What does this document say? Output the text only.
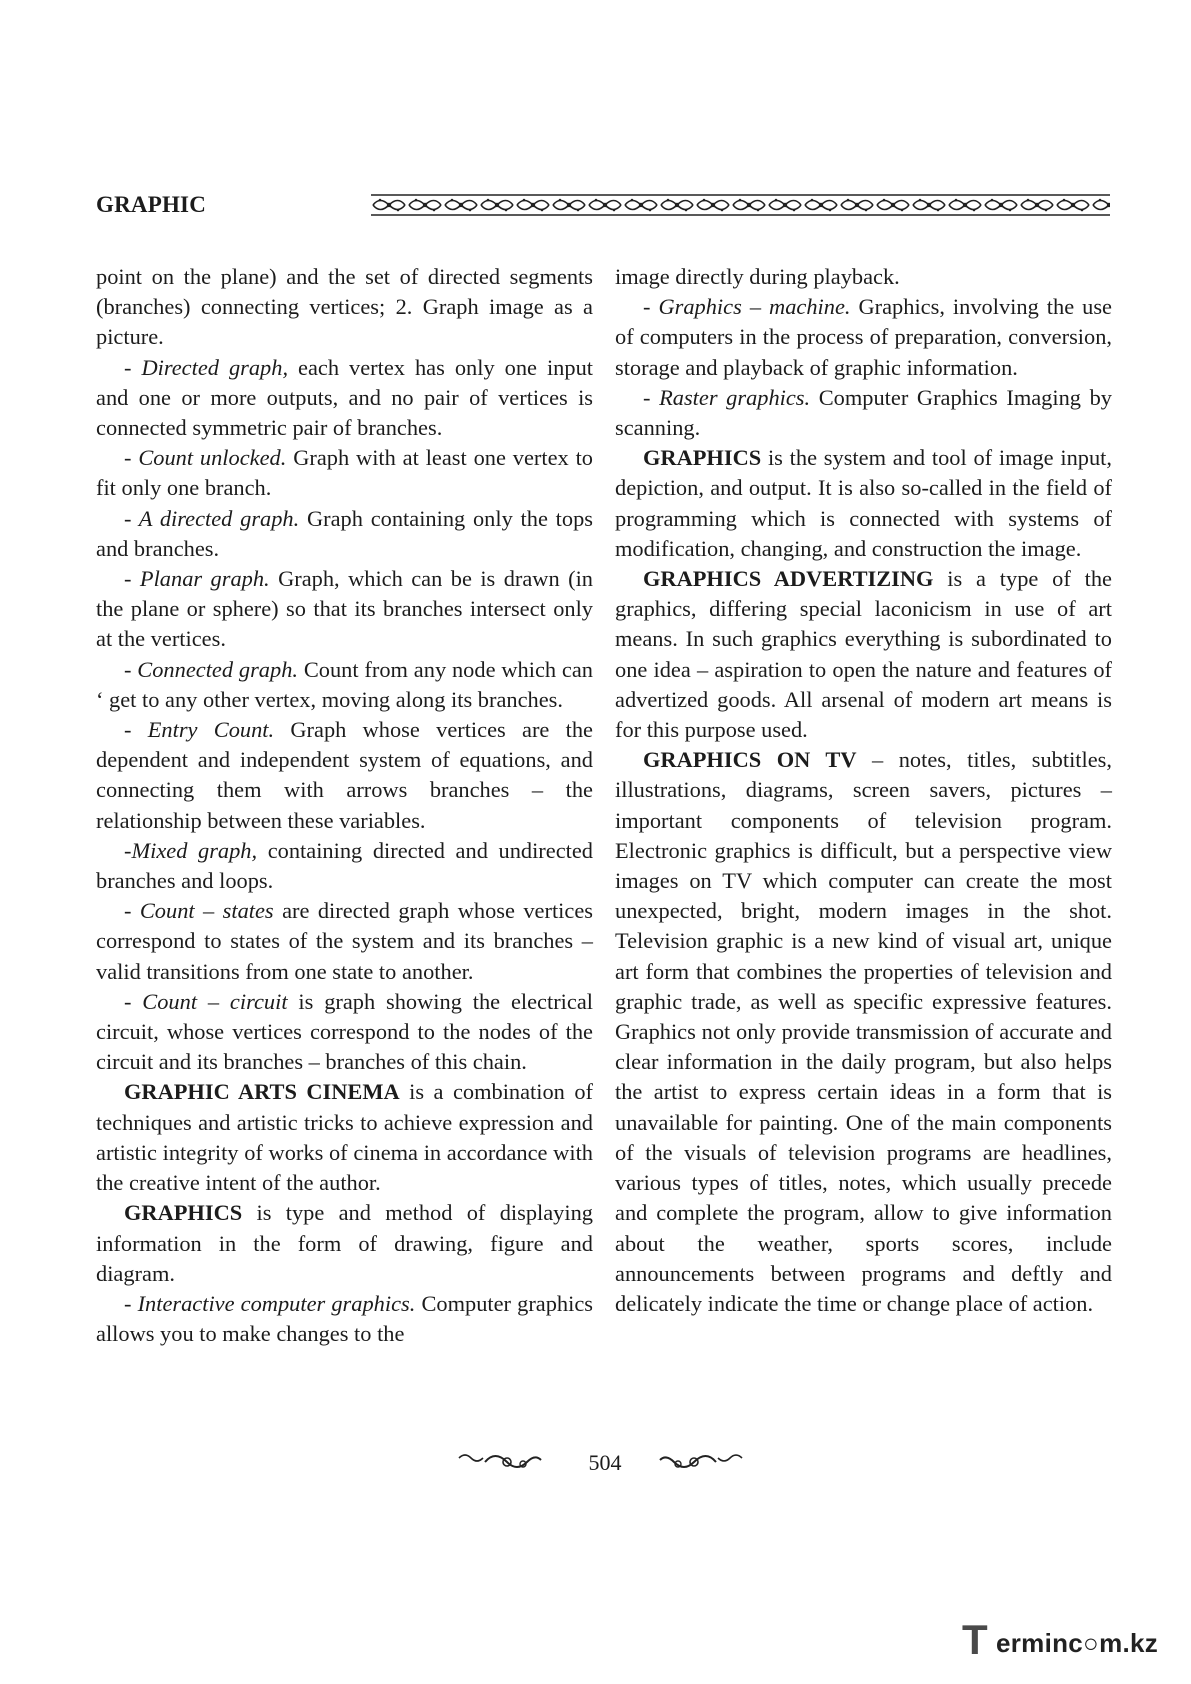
GRAPHIC

point on the plane) and the set of directed segments (branches) connecting vertices; 2. Graph image as a picture.

- Directed graph, each vertex has only one input and one or more outputs, and no pair of vertices is connected symmetric pair of branches.

- Count unlocked. Graph with at least one vertex to fit only one branch.

- A directed graph. Graph containing only the tops and branches.

- Planar graph. Graph, which can be is drawn (in the plane or sphere) so that its branches intersect only at the vertices.

- Connected graph. Count from any node which can ‘ get to any other vertex, moving along its branches.

- Entry Count. Graph whose vertices are the dependent and independent system of equations, and connecting them with arrows branches – the relationship between these variables.

-Mixed graph, containing directed and undirected branches and loops.

- Count – states are directed graph whose vertices correspond to states of the system and its branches – valid transitions from one state to another.

- Count – circuit is graph showing the electrical circuit, whose vertices correspond to the nodes of the circuit and its branches – branches of this chain.

GRAPHIC ARTS CINEMA is a combination of techniques and artistic tricks to achieve expression and artistic integrity of works of cinema in accordance with the creative intent of the author.

GRAPHICS is type and method of displaying information in the form of drawing, figure and diagram.

- Interactive computer graphics. Computer graphics allows you to make changes to the

image directly during playback.

- Graphics – machine. Graphics, involving the use of computers in the process of preparation, conversion, storage and playback of graphic information.

- Raster graphics. Computer Graphics Imaging by scanning.

GRAPHICS is the system and tool of image input, depiction, and output. It is also so-called in the field of programming which is connected with systems of modification, changing, and construction the image.

GRAPHICS ADVERTIZING is a type of the graphics, differing special laconicism in use of art means. In such graphics everything is subordinated to one idea – aspiration to open the nature and features of advertized goods. All arsenal of modern art means is for this purpose used.

GRAPHICS ON TV – notes, titles, subtitles, illustrations, diagrams, screen savers, pictures – important components of television program. Electronic graphics is difficult, but a perspective view images on TV which computer can create the most unexpected, bright, modern images in the shot. Television graphic is a new kind of visual art, unique art form that combines the properties of television and graphic trade, as well as specific expressive features. Graphics not only provide transmission of accurate and clear information in the daily program, but also helps the artist to express certain ideas in a form that is unavailable for painting. One of the main components of the visuals of television programs are headlines, various types of titles, notes, which usually precede and complete the program, allow to give information about the weather, sports scores, include announcements between programs and deftly and delicately indicate the time or change place of action.

504
T erminc○m.kz
